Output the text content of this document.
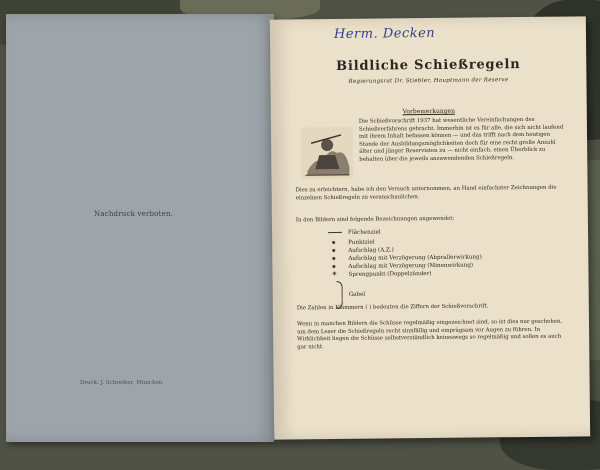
Nachdruck verboten.
Druck: J. Schreiber, München
Herm. Decken
Bildliche Schießregeln
Regierungsrat Dr. Stiebler, Hauptmann der Reserve
Vorbemerkungen

Die Schießvorschrift 1937 hat wesentliche Vereinfachungen des Schießverfahrens gebracht. Immerhin ist es für alle, die sich nicht laufend mit ihrem Inhalt befassen können — und das trifft nach dem heutigen Stande der Ausbildungsmöglichkeiten doch für eine recht große Anzahl älter und jünger Reservisten zu — nicht einfach, einen Überblick zu behalten über die jeweils anzuwendenden Schießregeln.

Dies zu erleichtern, habe ich den Versuch unternommen, an Hand einfachster Zeichnungen die einzelnen Schießregeln zu veranschaulichen.

In den Bildern sind folgende Bezeichnungen angewendet:

Flächenziel
Punktziel
Aufschlag (A.Z.)
Aufschlag mit Verzögerung (Abprallerwirkung)
Aufschlag mit Verzögerung (Minenwirkung)
✶ Sprengpunkt (Doppelzünder)
Gabel

Die Zahlen in Klammern ( ) bedeuten die Ziffern der Schießvorschrift.

Wenn in manchen Bildern die Schüsse regelmäßig eingezeichnet sind, so ist dies nur geschehen, um dem Leser die Schießregeln recht sinnfällig und einprägsam vor Augen zu führen. In Wirklichkeit liegen die Schüsse selbstverständlich keineswegs so regelmäßig und sollen es auch gar nicht.
